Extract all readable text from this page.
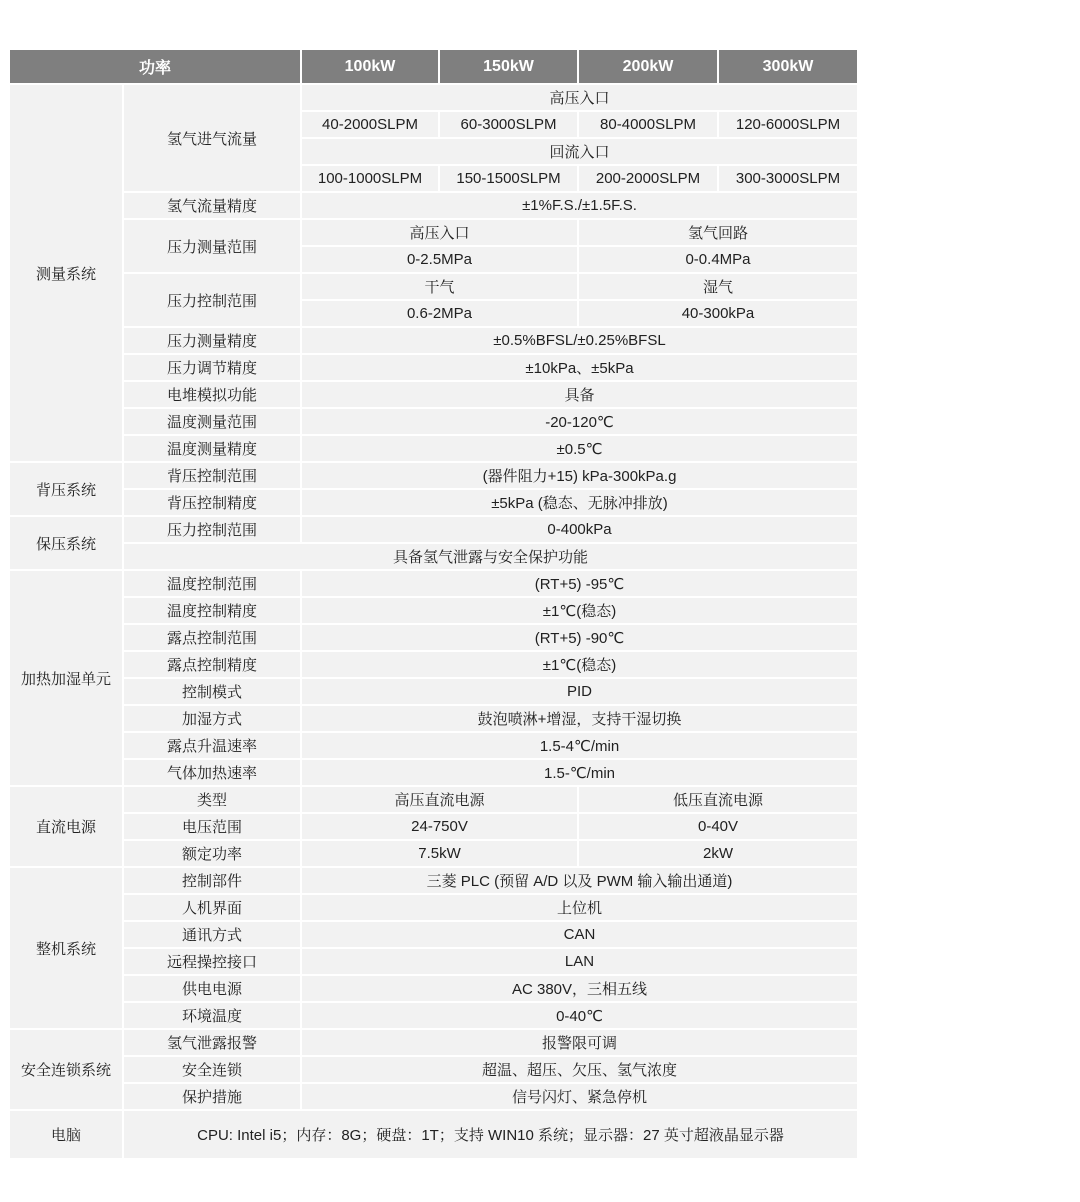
功率		100kW	150kW	200kW	300kW
测量系统	氢气进气流量	高压入口			
		40-2000SLPM	60-3000SLPM	80-4000SLPM	120-6000SLPM
		回流入口			
		100-1000SLPM	150-1500SLPM	200-2000SLPM	300-3000SLPM
	氢气流量精度	±1%F.S./±1.5F.S.			
	压力测量范围	高压入口		氢气回路	
		0-2.5MPa		0-0.4MPa	
	压力控制范围	干气		湿气	
		0.6-2MPa		40-300kPa	
	压力测量精度	±0.5%BFSL/±0.25%BFSL			
	压力调节精度	±10kPa、±5kPa			
	电堆模拟功能	具备			
	温度测量范围	-20-120℃			
	温度测量精度	±0.5℃			
背压系统	背压控制范围	(器件阻力+15) kPa-300kPa.g			
	背压控制精度	±5kPa (稳态、无脉冲排放)			
保压系统	压力控制范围	0-400kPa			
	具备氢气泄露与安全保护功能				
加热加湿单元	温度控制范围	(RT+5) -95℃			
	温度控制精度	±1℃(稳态)			
	露点控制范围	(RT+5) -90℃			
	露点控制精度	±1℃(稳态)			
	控制模式	PID			
	加湿方式	鼓泡喷淋+增湿，支持干湿切换			
	露点升温速率	1.5-4℃/min			
	气体加热速率	1.5-℃/min			
直流电源	类型	高压直流电源		低压直流电源	
	电压范围	24-750V		0-40V	
	额定功率	7.5kW		2kW	
整机系统	控制部件	三菱 PLC (预留 A/D 以及 PWM 输入输出通道)			
	人机界面	上位机			
	通讯方式	CAN			
	远程操控接口	LAN			
	供电电源	AC 380V，三相五线			
	环境温度	0-40℃			
安全连锁系统	氢气泄露报警	报警限可调			
	安全连锁	超温、超压、欠压、氢气浓度			
	保护措施	信号闪灯、紧急停机			
电脑	CPU: Intel i5；内存：8G；硬盘：1T；支持 WIN10 系统；显示器：27 英寸超液晶显示器				
